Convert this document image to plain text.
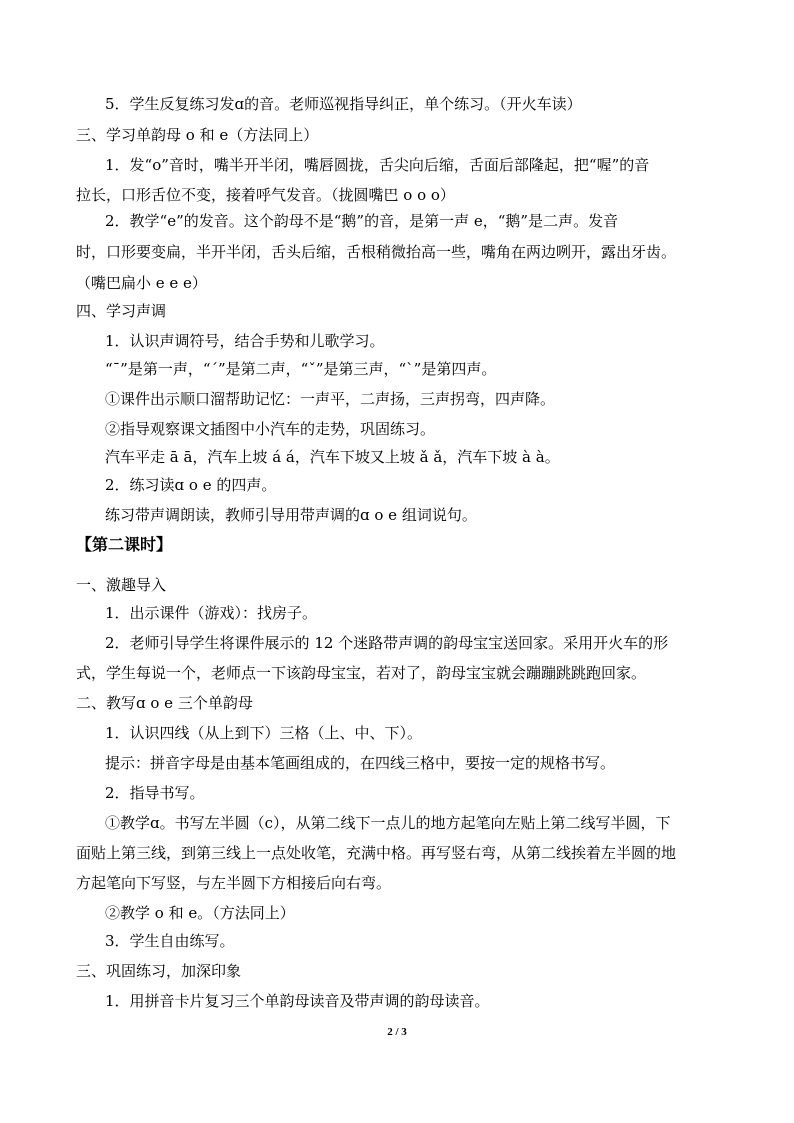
5．学生反复练习发ɑ的音。老师巡视指导纠正，单个练习。（开火车读）
三、学习单韵母 o 和 e（方法同上）
1．发“o”音时，嘴半开半闭，嘴唇圆拢，舌尖向后缩，舌面后部隆起，把“喔”的音
拉长，口形舌位不变，接着呼气发音。（拢圆嘴巴 o o o）
2．教学“e”的发音。这个韵母不是“鹅”的音，是第一声 e，“鹅”是二声。发音
时，口形要变扁，半开半闭，舌头后缩，舌根稍微抬高一些，嘴角在两边咧开，露出牙齿。
（嘴巴扁小 e e e）
四、学习声调
1．认识声调符号，结合手势和儿歌学习。
“ˉ”是第一声，“ˊ”是第二声，“ˇ”是第三声，“ˋ”是第四声。
①课件出示顺口溜帮助记忆：一声平，二声扬，三声拐弯，四声降。
②指导观察课文插图中小汽车的走势，巩固练习。
汽车平走 ā ā，汽车上坡 á á，汽车下坡又上坡 ǎ ǎ，汽车下坡 à à。
2．练习读ɑ o e 的四声。
练习带声调朗读，教师引导用带声调的ɑ o e 组词说句。
【第二课时】
一、激趣导入
1．出示课件（游戏）：找房子。
2．老师引导学生将课件展示的 12 个迷路带声调的韵母宝宝送回家。采用开火车的形
式，学生每说一个，老师点一下该韵母宝宝，若对了，韵母宝宝就会蹦蹦跳跳跑回家。
二、教写ɑ o e 三个单韵母
1．认识四线（从上到下）三格（上、中、下）。
提示：拼音字母是由基本笔画组成的，在四线三格中，要按一定的规格书写。
2．指导书写。
①教学ɑ。书写左半圆（c），从第二线下一点儿的地方起笔向左贴上第二线写半圆，下
面贴上第三线，到第三线上一点处收笔，充满中格。再写竖右弯，从第二线挨着左半圆的地
方起笔向下写竖，与左半圆下方相接后向右弯。
②教学 o 和 e。（方法同上）
3．学生自由练写。
三、巩固练习，加深印象
1．用拼音卡片复习三个单韵母读音及带声调的韵母读音。
2 / 3
